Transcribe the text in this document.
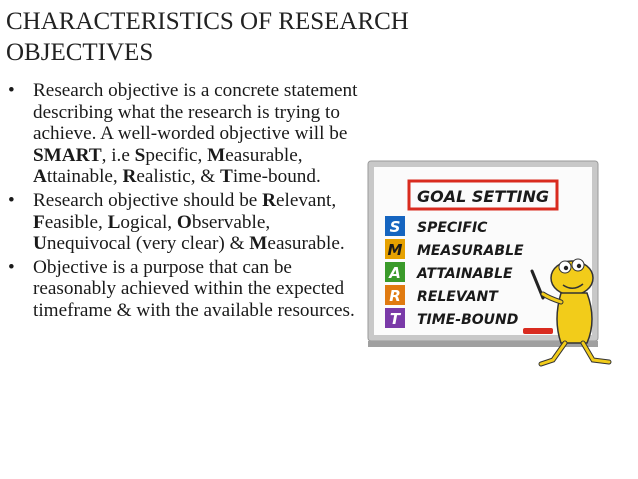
CHARACTERISTICS OF RESEARCH OBJECTIVES
• Research objective is a concrete statement describing what the research is trying to achieve. A well-worded objective will be SMART, i.e Specific, Measurable, Attainable, Realistic, & Time-bound.
• Research objective should be Relevant, Feasible, Logical, Observable, Unequivocal (very clear) & Measurable.
• Objective is a purpose that can be reasonably achieved within the expected timeframe & with the available resources.
GOAL SETTING
S SPECIFIC
M MEASURABLE
A ATTAINABLE
R RELEVANT
T TIME-BOUND
